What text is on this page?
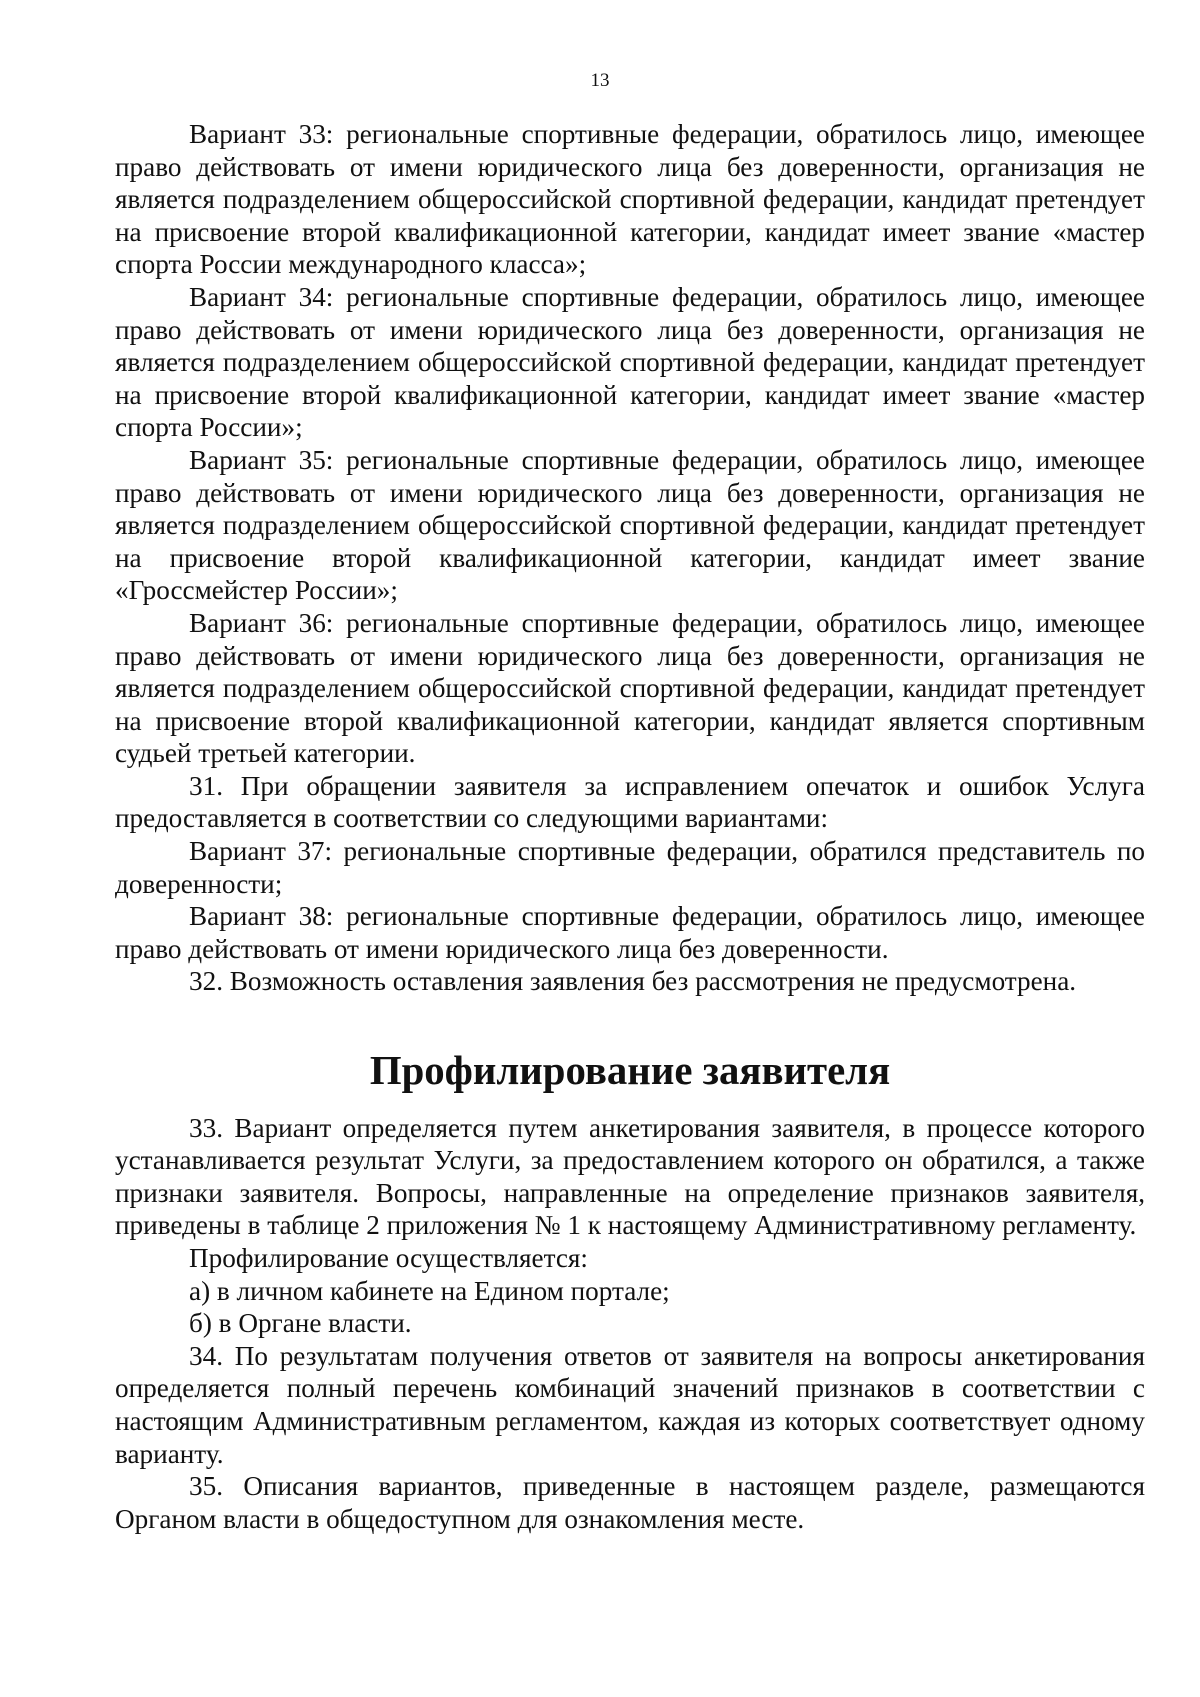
13

Вариант 33: региональные спортивные федерации, обратилось лицо, имеющее право действовать от имени юридического лица без доверенности, организация не является подразделением общероссийской спортивной федерации, кандидат претендует на присвоение второй квалификационной категории, кандидат имеет звание «мастер спорта России международного класса»;

Вариант 34: региональные спортивные федерации, обратилось лицо, имеющее право действовать от имени юридического лица без доверенности, организация не является подразделением общероссийской спортивной федерации, кандидат претендует на присвоение второй квалификационной категории, кандидат имеет звание «мастер спорта России»;

Вариант 35: региональные спортивные федерации, обратилось лицо, имеющее право действовать от имени юридического лица без доверенности, организация не является подразделением общероссийской спортивной федерации, кандидат претендует на присвоение второй квалификационной категории, кандидат имеет звание «Гроссмейстер России»;

Вариант 36: региональные спортивные федерации, обратилось лицо, имеющее право действовать от имени юридического лица без доверенности, организация не является подразделением общероссийской спортивной федерации, кандидат претендует на присвоение второй квалификационной категории, кандидат является спортивным судьей третьей категории.

31. При обращении заявителя за исправлением опечаток и ошибок Услуга предоставляется в соответствии со следующими вариантами:

Вариант 37: региональные спортивные федерации, обратился представитель по доверенности;

Вариант 38: региональные спортивные федерации, обратилось лицо, имеющее право действовать от имени юридического лица без доверенности.

32. Возможность оставления заявления без рассмотрения не предусмотрена.

Профилирование заявителя

33. Вариант определяется путем анкетирования заявителя, в процессе которого устанавливается результат Услуги, за предоставлением которого он обратился, а также признаки заявителя. Вопросы, направленные на определение признаков заявителя, приведены в таблице 2 приложения № 1 к настоящему Административному регламенту.

Профилирование осуществляется:

а) в личном кабинете на Едином портале;

б) в Органе власти.

34. По результатам получения ответов от заявителя на вопросы анкетирования определяется полный перечень комбинаций значений признаков в соответствии с настоящим Административным регламентом, каждая из которых соответствует одному варианту.

35. Описания вариантов, приведенные в настоящем разделе, размещаются Органом власти в общедоступном для ознакомления месте.
